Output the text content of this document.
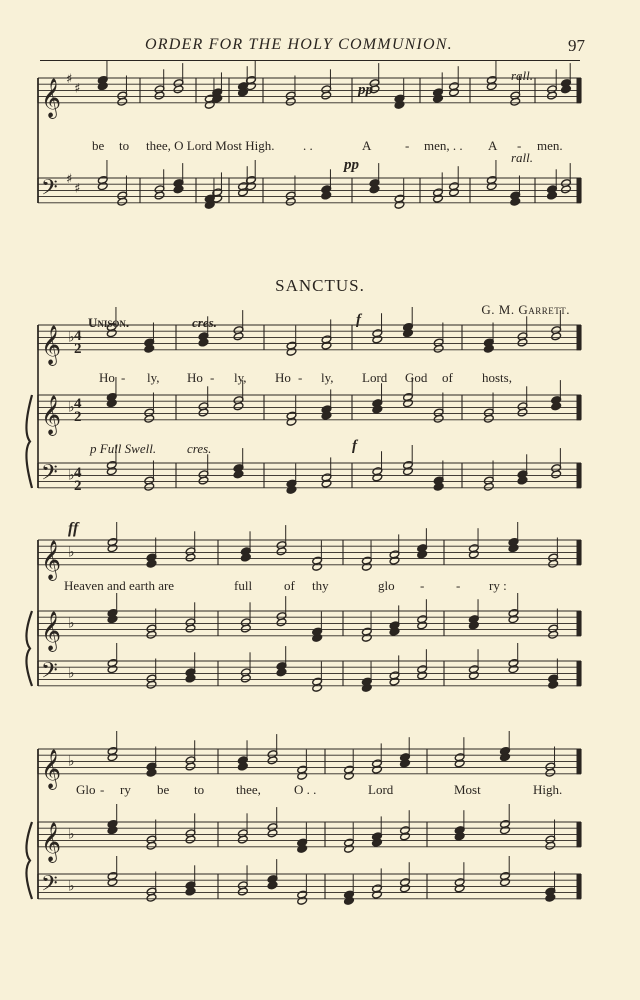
ORDER FOR THE HOLY COMMUNION.	97
𝄞 ♯
♯
𝄢 ♯
♯
𝄞 ♭
𝄞 ♭
𝄢 ♭
𝄞 ♭
𝄞 ♭
𝄢 ♭
𝄞 ♭
𝄞 ♭
𝄢 ♭
pp
rall.
pp	rall.
be to thee, O Lord Most High. . .	A	- men, . . A - men.
SANCTUS.
G. M. Garrett.
Unison.	cres.	f
p Full Swell. cres.	f
Ho - ly, Ho - ly, Ho - ly, Lord God of hosts,
ff
Heaven and earth are	full of thy	glo - - ry :
Glo - ry be to thee,	O . .	Lord	Most	High.
4
2
4
2
4
2
